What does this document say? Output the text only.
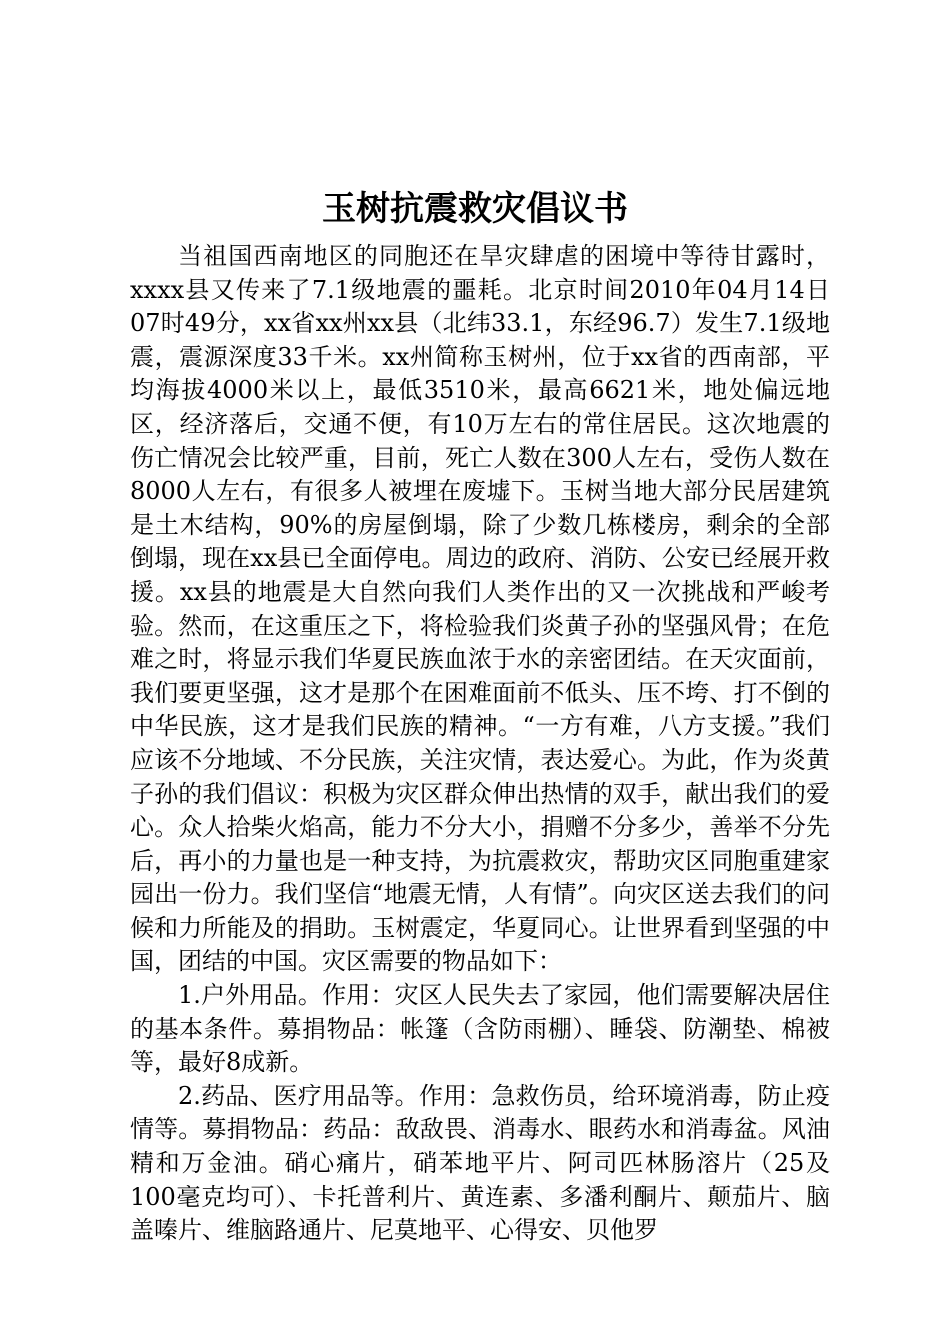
玉树抗震救灾倡议书

当祖国西南地区的同胞还在旱灾肆虐的困境中等待甘露时，xxxx县又传来了7.1级地震的噩耗。北京时间2010年04月14日07时49分，xx省xx州xx县（北纬33.1，东经96.7）发生7.1级地震，震源深度33千米。xx州简称玉树州，位于xx省的西南部，平均海拔4000米以上，最低3510米，最高6621米，地处偏远地区，经济落后，交通不便，有10万左右的常住居民。这次地震的伤亡情况会比较严重，目前，死亡人数在300人左右，受伤人数在8000人左右，有很多人被埋在废墟下。玉树当地大部分民居建筑是土木结构，90%的房屋倒塌，除了少数几栋楼房，剩余的全部倒塌，现在xx县已全面停电。周边的政府、消防、公安已经展开救援。xx县的地震是大自然向我们人类作出的又一次挑战和严峻考验。然而，在这重压之下，将检验我们炎黄子孙的坚强风骨；在危难之时，将显示我们华夏民族血浓于水的亲密团结。在天灾面前，我们要更坚强，这才是那个在困难面前不低头、压不垮、打不倒的中华民族，这才是我们民族的精神。“一方有难，八方支援。”我们应该不分地域、不分民族，关注灾情，表达爱心。为此，作为炎黄子孙的我们倡议：积极为灾区群众伸出热情的双手，献出我们的爱心。众人拾柴火焰高，能力不分大小，捐赠不分多少，善举不分先后，再小的力量也是一种支持，为抗震救灾，帮助灾区同胞重建家园出一份力。我们坚信“地震无情，人有情”。向灾区送去我们的问候和力所能及的捐助。玉树震定，华夏同心。让世界看到坚强的中国，团结的中国。灾区需要的物品如下：

1.户外用品。作用：灾区人民失去了家园，他们需要解决居住的基本条件。募捐物品：帐篷（含防雨棚）、睡袋、防潮垫、棉被等，最好8成新。

2.药品、医疗用品等。作用：急救伤员，给环境消毒，防止疫情等。募捐物品：药品：敌敌畏、消毒水、眼药水和消毒盆。风油精和万金油。硝心痛片，硝苯地平片、阿司匹林肠溶片（25及100毫克均可）、卡托普利片、黄连素、多潘利酮片、颠茄片、脑盖嗪片、维脑路通片、尼莫地平、心得安、贝他罗
